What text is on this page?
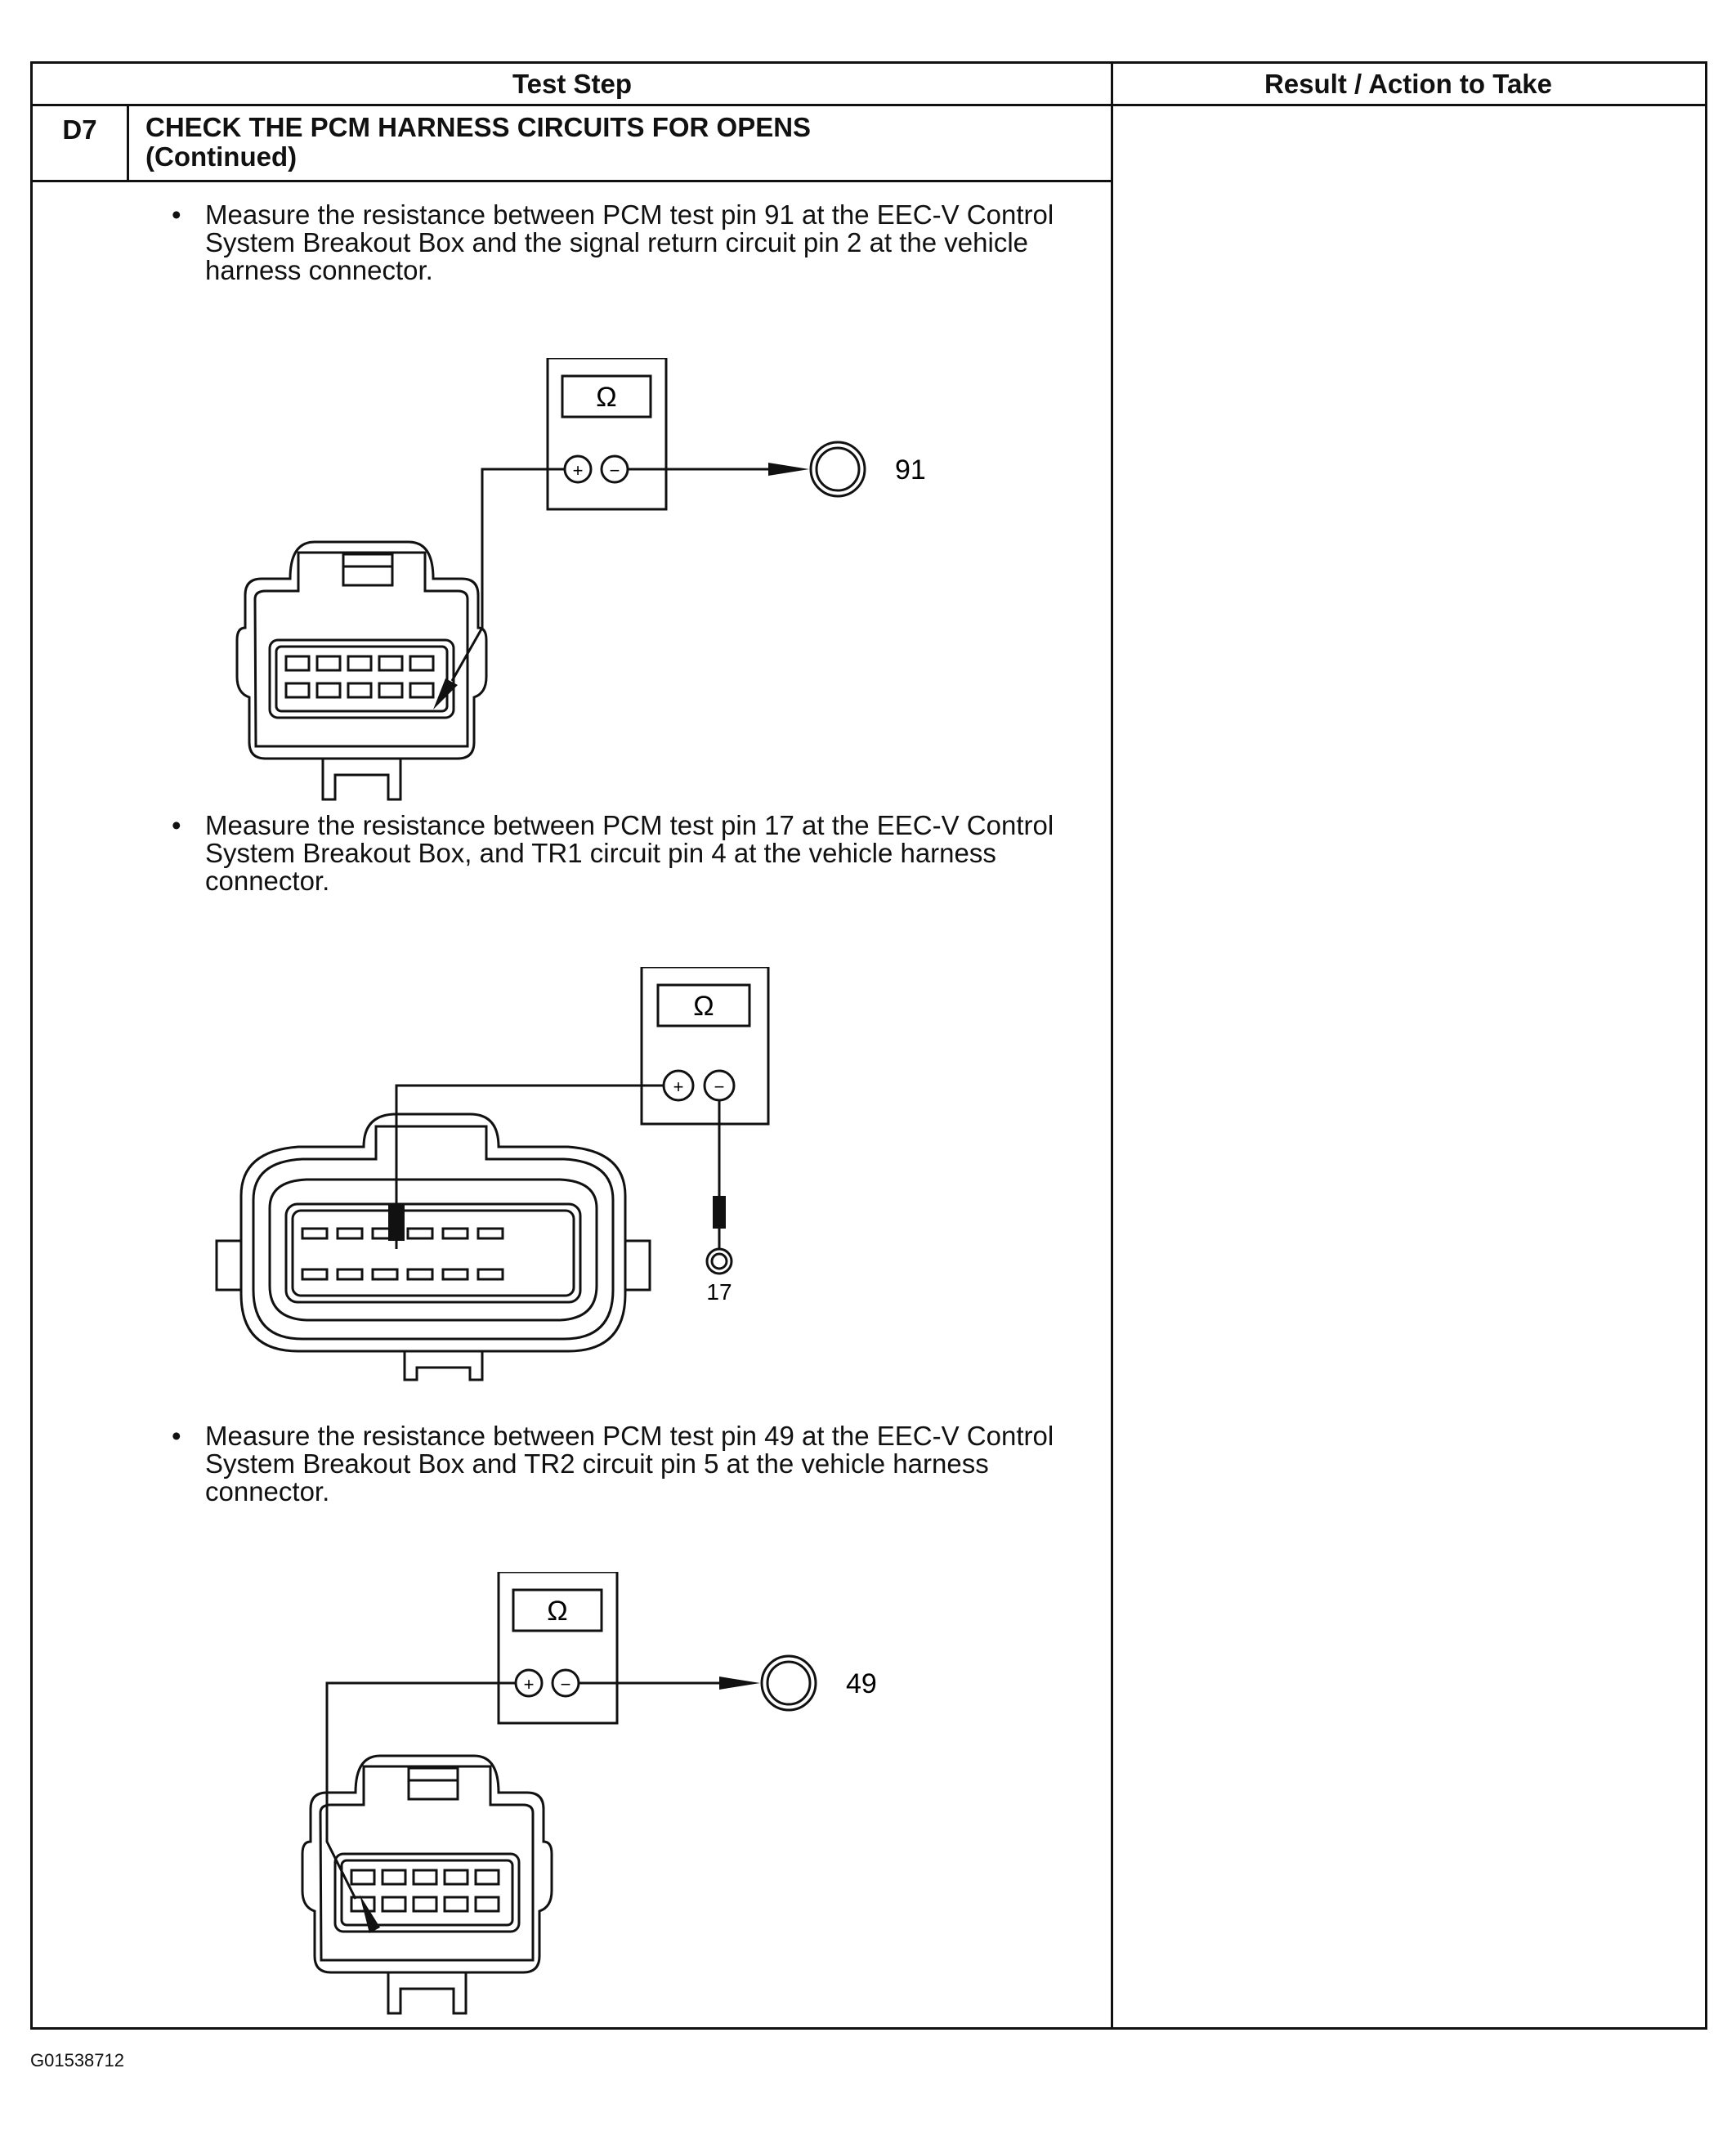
Test Step	Result / Action to Take
D7	CHECK THE PCM HARNESS CIRCUITS FOR OPENS
(Continued)
• Measure the resistance between PCM test pin 91 at the EEC-V Control System Breakout Box and the signal return circuit pin 2 at the vehicle harness connector.
Ω
+ −	91
• Measure the resistance between PCM test pin 17 at the EEC-V Control System Breakout Box, and TR1 circuit pin 4 at the vehicle harness connector.
Ω
+ −
17
• Measure the resistance between PCM test pin 49 at the EEC-V Control System Breakout Box and TR2 circuit pin 5 at the vehicle harness connector.
Ω
+ −	49
G01538712
